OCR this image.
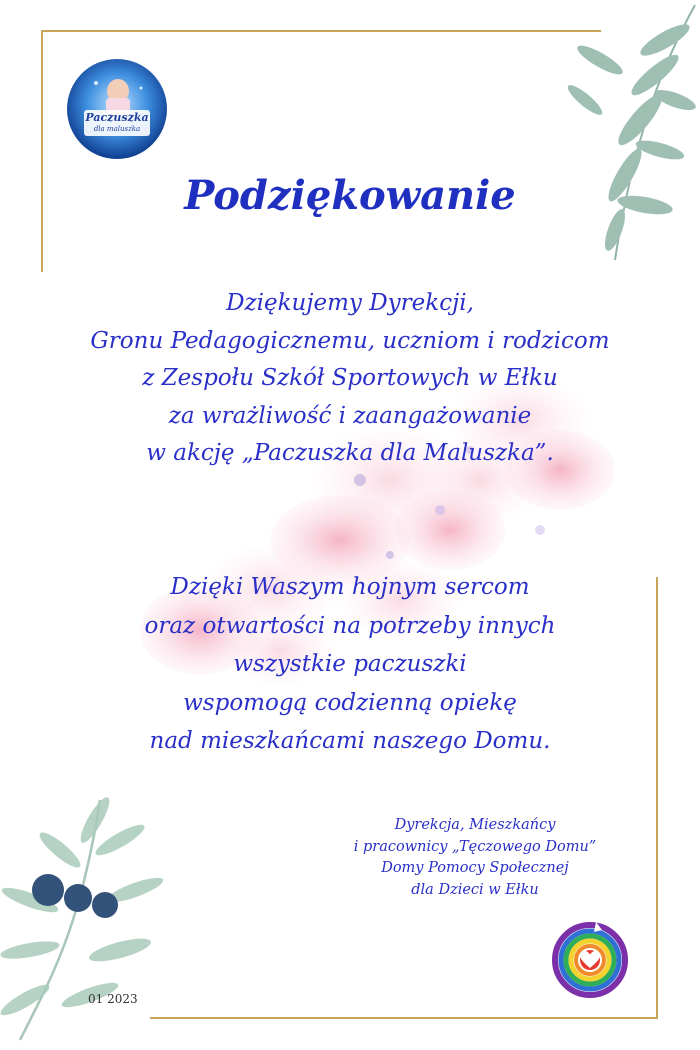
Paczuszka
dla maluszka
Podziękowanie
Dziękujemy Dyrekcji,
Gronu Pedagogicznemu, uczniom i rodzicom
z Zespołu Szkół Sportowych w Ełku
za wrażliwość i zaangażowanie
w akcję „Paczuszka dla Maluszka”.
Dzięki Waszym hojnym sercom
oraz otwartości na potrzeby innych
wszystkie paczuszki
wspomogą codzienną opiekę
nad mieszkańcami naszego Domu.
Dyrekcja, Mieszkańcy
i pracownicy „Tęczowego Domu”
Domy Pomocy Społecznej
dla Dzieci w Ełku
01 2023
